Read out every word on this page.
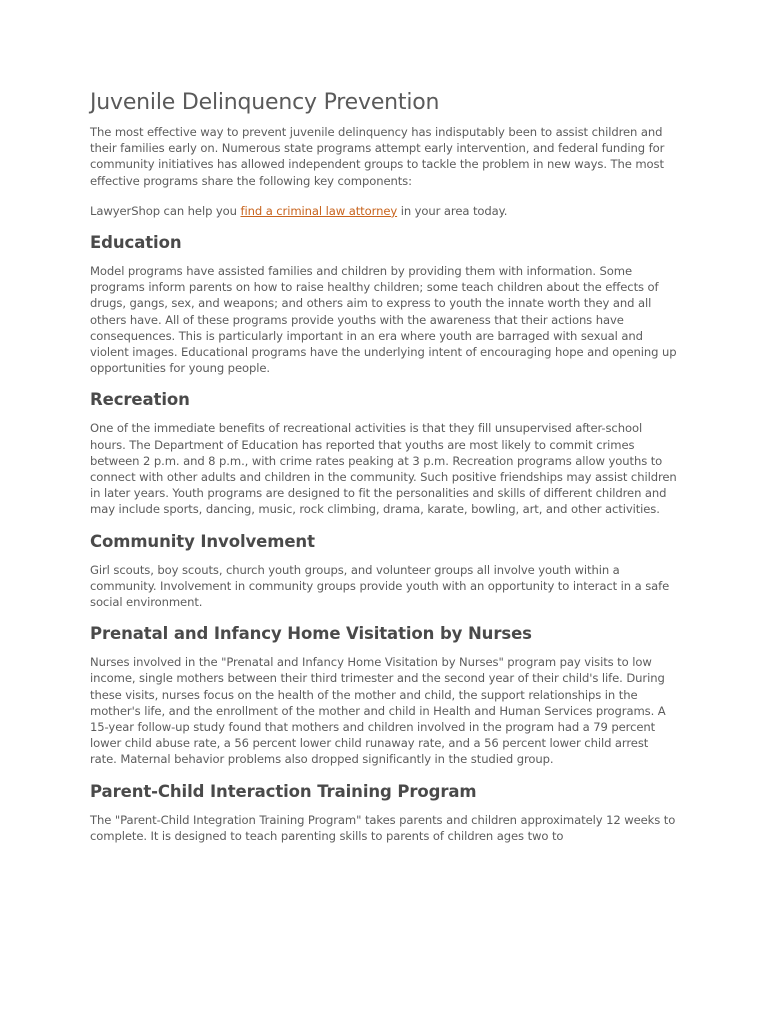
Juvenile Delinquency Prevention

The most effective way to prevent juvenile delinquency has indisputably been to assist children and their families early on. Numerous state programs attempt early intervention, and federal funding for community initiatives has allowed independent groups to tackle the problem in new ways. The most effective programs share the following key components:

LawyerShop can help you find a criminal law attorney in your area today.

Education

Model programs have assisted families and children by providing them with information. Some programs inform parents on how to raise healthy children; some teach children about the effects of drugs, gangs, sex, and weapons; and others aim to express to youth the innate worth they and all others have. All of these programs provide youths with the awareness that their actions have consequences. This is particularly important in an era where youth are barraged with sexual and violent images. Educational programs have the underlying intent of encouraging hope and opening up opportunities for young people.

Recreation

One of the immediate benefits of recreational activities is that they fill unsupervised after-school hours. The Department of Education has reported that youths are most likely to commit crimes between 2 p.m. and 8 p.m., with crime rates peaking at 3 p.m. Recreation programs allow youths to connect with other adults and children in the community. Such positive friendships may assist children in later years. Youth programs are designed to fit the personalities and skills of different children and may include sports, dancing, music, rock climbing, drama, karate, bowling, art, and other activities.

Community Involvement

Girl scouts, boy scouts, church youth groups, and volunteer groups all involve youth within a community. Involvement in community groups provide youth with an opportunity to interact in a safe social environment.

Prenatal and Infancy Home Visitation by Nurses

Nurses involved in the "Prenatal and Infancy Home Visitation by Nurses" program pay visits to low income, single mothers between their third trimester and the second year of their child's life. During these visits, nurses focus on the health of the mother and child, the support relationships in the mother's life, and the enrollment of the mother and child in Health and Human Services programs. A 15-year follow-up study found that mothers and children involved in the program had a 79 percent lower child abuse rate, a 56 percent lower child runaway rate, and a 56 percent lower child arrest rate. Maternal behavior problems also dropped significantly in the studied group.

Parent-Child Interaction Training Program

The "Parent-Child Integration Training Program" takes parents and children approximately 12 weeks to complete. It is designed to teach parenting skills to parents of children ages two to
